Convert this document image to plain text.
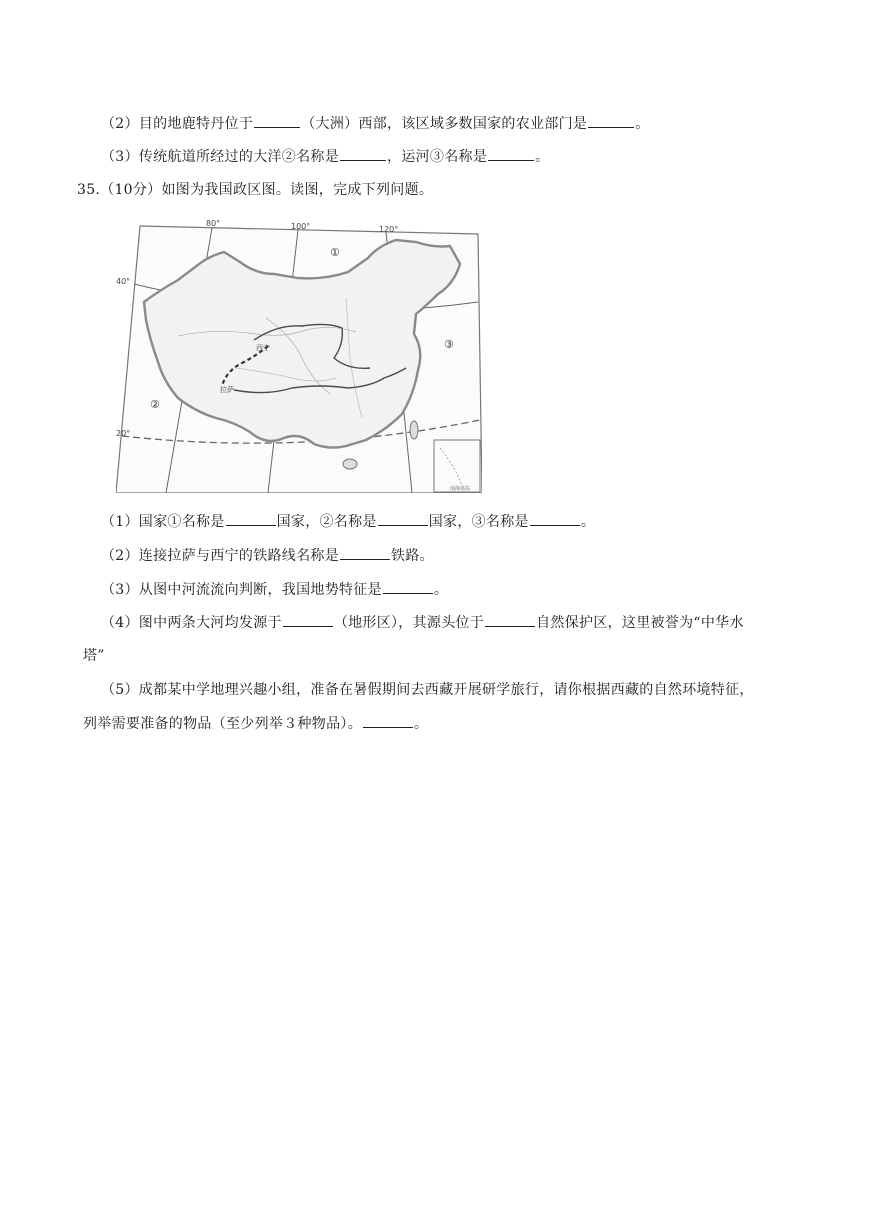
（2）目的地鹿特丹位于	（大洲）西部，该区域多数国家的农业部门是	。
（3）传统航道所经过的大洋②名称是	，运河③名称是	。
35.（10分）如图为我国政区图。读图，完成下列问题。
80°	100°	120°
40°
20°
①
②
③
西宁
拉萨
南海诸岛
（1）国家①名称是	国家，②名称是	国家，③名称是	。
（2）连接拉萨与西宁的铁路线名称是	铁路。
（3）从图中河流流向判断，我国地势特征是	。
（4）图中两条大河均发源于	（地形区），其源头位于	自然保护区，这里被誉为“中华水
塔”
（5）成都某中学地理兴趣小组，准备在暑假期间去西藏开展研学旅行，请你根据西藏的自然环境特征，
列举需要准备的物品（至少列举３种物品）。	。
